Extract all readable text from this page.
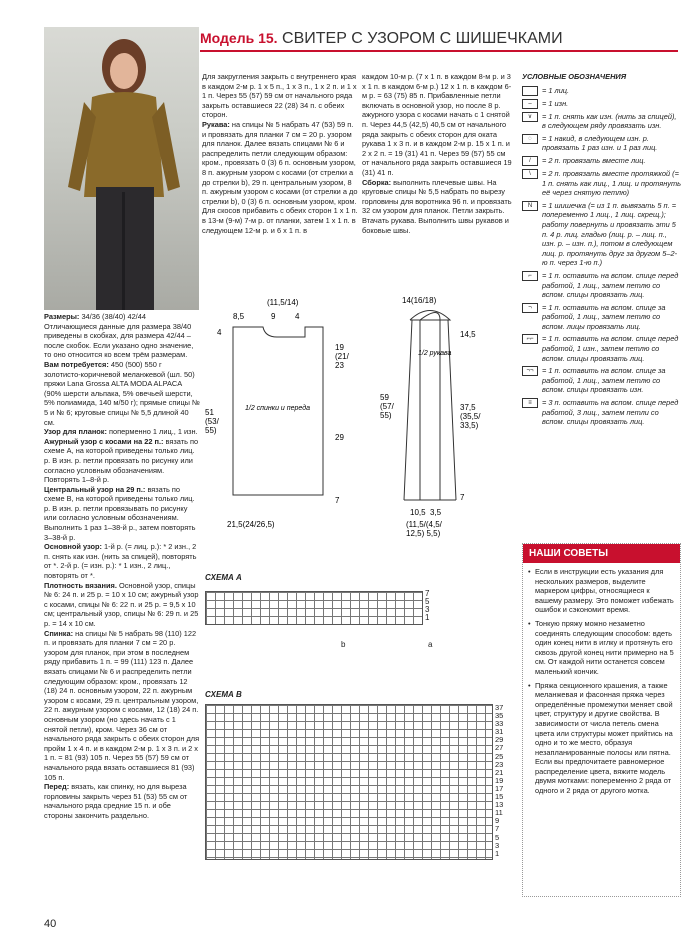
Модель 15. СВИТЕР С УЗОРОМ С ШИШЕЧКАМИ
Размеры: 34/36 (38/40) 42/44
Отличающиеся данные для размера 38/40 приведены в скобках, для размера 42/44 – после скобок. Если указано одно значение, то оно относится ко всем трём размерам.
Вам потребуется: 450 (500) 550 г золотисто-коричневой меланжевой (шл. 50) пряжи Lana Grossa ALTA MODA ALPACA (90% шерсти альпака, 5% овечьей шерсти, 5% полиамида, 140 м/50 г); прямые спицы № 5 и № 6; круговые спицы № 5,5 длиной 40 см.
Узор для планок: поперменно 1 лиц., 1 изн.
Ажурный узор с косами на 22 п.: вязать по схеме А, на которой приведены только лиц. р. В изн. р. петли провязать по рисунку или согласно условным обозначениям. Повторять 1–8-й р.
Центральный узор на 29 п.: вязать по схеме В, на которой приведены только лиц. р. В изн. р. петли провязывать по рисунку или согласно условным обозначениям. Выполнить 1 раз 1–38-й р., затем повторять 3–38-й р.
Основной узор: 1-й р. (= лиц. р.): * 2 изн., 2 п. снять как изн. (нить за спицей), повторять от *. 2-й р. (= изн. р.): * 1 изн., 2 лиц., повторять от *.
Плотность вязания. Основной узор, спицы № 6: 24 п. и 25 р. = 10 х 10 см; ажурный узор с косами, спицы № 6: 22 п. и 25 р. = 9,5 х 10 см; центральный узор, спицы № 6: 29 п. и 25 р. = 14 х 10 см.
Спинка: на спицы № 5 набрать 98 (110) 122 п. и провязать для планки 7 см = 20 р. узором для планок, при этом в последнем ряду прибавить 1 п. = 99 (111) 123 п. Далее вязать спицами № 6 и распределить петли следующим образом: кром., провязать 12 (18) 24 п. основным узором, 22 п. ажурным узором с косами, 29 п. центральным узором, 22 п. ажурным узором с косами, 12 (18) 24 п. основным узором (но здесь начать с 1 снятой петли), кром. Через 36 см от начального ряда закрыть с обеих сторон для пройм 1 х 4 п. и в каждом 2-м р. 1 х 3 п. и 2 х 1 п. = 81 (93) 105 п. Через 55 (57) 59 см от начального ряда вязать оставшиеся 81 (93) 105 п.
Перед: вязать, как спинку, но для выреза горловины закрыть через 51 (53) 55 см от начального ряда средние 15 п. и обе стороны закончить раздельно.
Для закругления закрыть с внутреннего края в каждом 2-м р. 1 х 5 п., 1 х 3 п., 1 х 2 п. и 1 х 1 п. Через 55 (57) 59 см от начального ряда закрыть оставшиеся 22 (28) 34 п. с обеих сторон.
Рукава: на спицы № 5 набрать 47 (53) 59 п. и провязать для планки 7 см = 20 р. узором для планок. Далее вязать спицами № 6 и распределить петли следующим образом: кром., провязать 0 (3) 6 п. основным узором, 8 п. ажурным узором с косами (от стрелки а до стрелки b), 29 п. центральным узором, 8 п. ажурным узором с косами (от стрелки а до стрелки b), 0 (3) 6 п. основным узором, кром. Для скосов прибавить с обеих сторон 1 х 1 п. в 13-м (9-м) 7-м р. от планки, затем 1 х 1 п. в следующем 12-м р. и 6 х 1 п. в
каждом 10-м р. (7 х 1 п. в каждом 8-м р. и 3 х 1 п. в каждом 6-м р.) 12 х 1 п. в каждом 6-м р. = 63 (75) 85 п. Прибавленные петли включать в основной узор, но после 8 р. ажурного узора с косами начать с 1 снятой п. Через 44,5 (42,5) 40,5 см от начального ряда закрыть с обеих сторон для оката рукава 1 х 3 п. и в каждом 2-м р. 15 х 1 п. и 2 х 2 п. = 19 (31) 41 п. Через 59 (57) 55 см от начального ряда закрыть оставшиеся 19 (31) 41 п.
Сборка: выполнить плечевые швы. На круговые спицы № 5,5 набрать по вырезу горловины для воротника 96 п. и провязать 32 см узором для планок. Петли закрыть. Втачать рукава. Выполнить швы рукавов и боковые швы.
УСЛОВНЫЕ ОБОЗНАЧЕНИЯ
= 1 лиц.
–	= 1 изн.
∨	= 1 п. снять как изн. (нить за спицей), в следующем ряду провязать изн.
◌	= 1 накид, в следующем изн. р. провязать 1 раз изн. и 1 раз лиц.
/	= 2 п. провязать вместе лиц.
\	= 2 п. провязать вместе протяжкой (= 1 п. снять как лиц., 1 лиц. и протянуть её через снятую петлю)
N	= 1 шишечка (= из 1 п. вывязать 5 п. = попеременно 1 лиц., 1 лиц. скрещ.); работу повернуть и провязать эти 5 п. 4 р. лиц. гладью (лиц. р. – лиц. п., изн. р. – изн. п.), потом в следующем лиц. р. протянуть друг за другом 5–2-ю п. через 1-ю п.)
⌐	= 1 п. оставить на вспом. спице перед работой, 1 лиц., затем петлю со вспом. спицы провязать лиц.
¬	= 1 п. оставить на вспом. спице за работой, 1 лиц., затем петлю со вспом. лицы провязать лиц.
⌐⌐	= 1 п. оставить на вспом. спице перед работой, 1 изн., затем петлю со вспом. спицы провязать лиц.
¬¬	= 1 п. оставить на вспом. спице за работой, 1 лиц., затем петлю со вспом. спицы провязать изн.
≡	= 3 п. оставить на вспом. спице перед работой, 3 лиц., затем петли со вспом. спицы провязать лиц.
НАШИ СОВЕТЫ
• Если в инструкции есть указания для нескольких размеров, выделите маркером цифры, относящиеся к вашему размеру. Это поможет избежать ошибок и сэкономит время.
• Тонкую пряжу можно незаметно соединять следующим способом: вдеть один конец нити в иглку и протянуть его сквозь другой конец нити примерно на 5 см. От каждой нити останется совсем маленький кончик.
• Пряжа секционного крашения, а также меланжевая и фасонная пряжа через определённые промежутки меняет свой цвет, структуру и другие свойства. В зависимости от числа петель смена цвета или структуры может прийтись на одно и то же место, образуя незапланированные полосы или пятна. Если вы предпочитаете равномерное распределение цвета, вяжите модель двумя мотками: попеременно 2 ряда от одного и 2 ряда от другого мотка.
1/2 спинки и переда
(11,5/14)
8,5	9 4
4
51 (53/ 55)
19 (21/ 23
29
7
21,5(24/26,5)
1/2 рукава
14(16/18)
14,5
37,5 (35,5/ 33,5)
7
59 (57/ 55)
10,5 3,5
(11,5/(4,5/ 12,5) 5,5)
СХЕМА А
7
5
3
1
b	a
СХЕМА В
37
35
33
31
29
27
25
23
21
19
17
15
13
11
9
7
5
3
1
40
